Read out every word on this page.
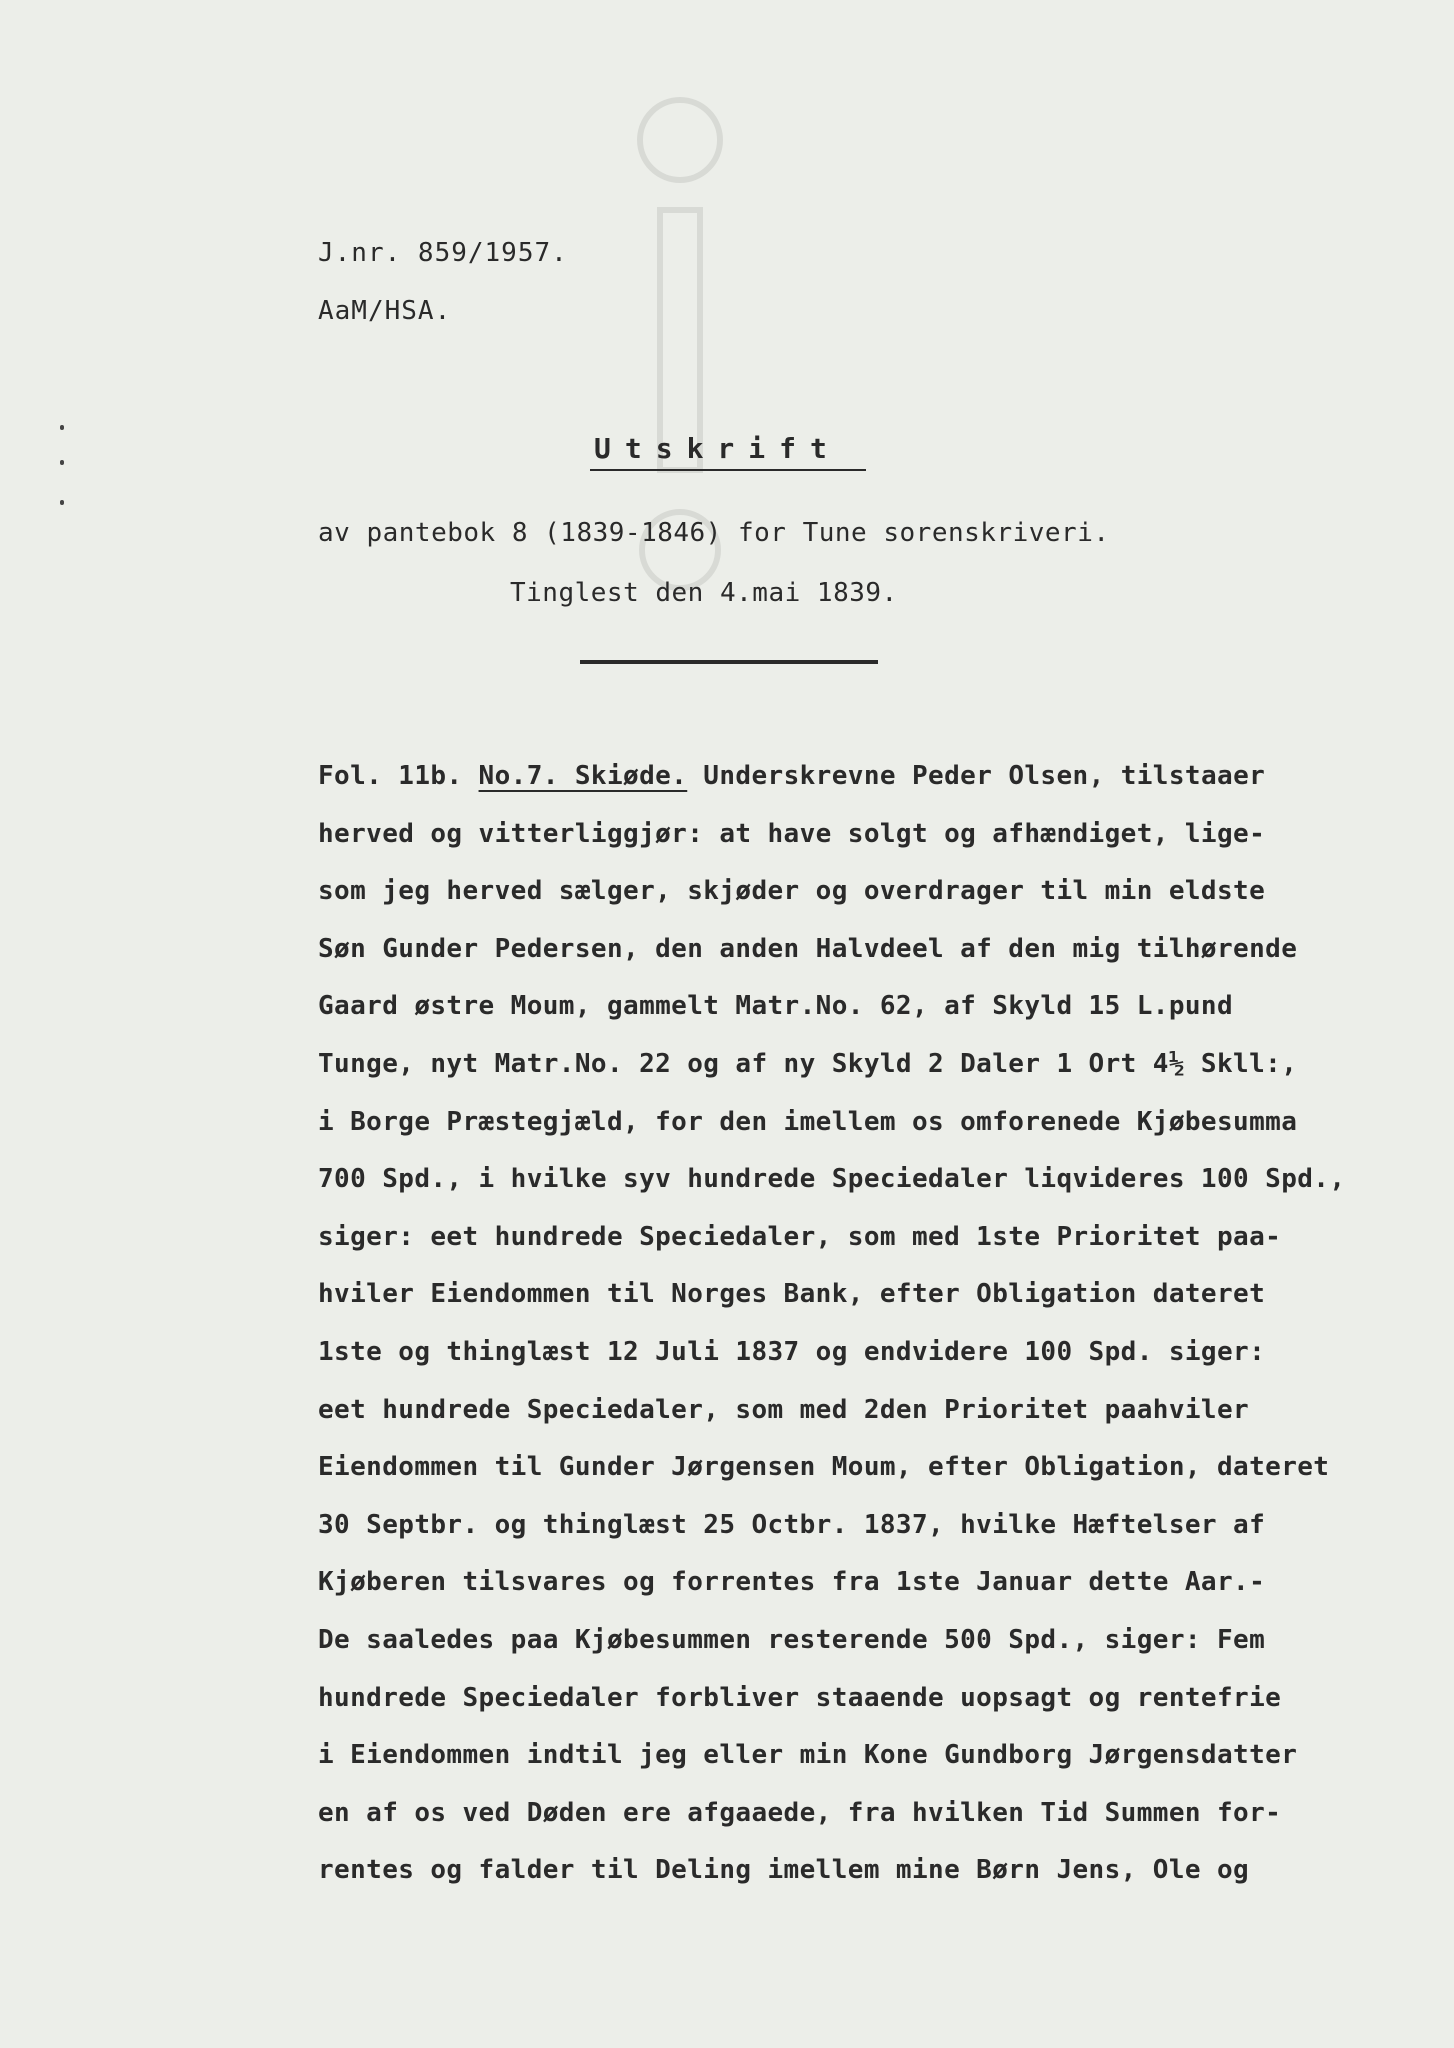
J.nr. 859/1957.
AaM/HSA.
Utskrift
av pantebok 8 (1839-1846) for Tune sorenskriveri.
Tinglest den 4.mai 1839.
Fol. 11b. No.7. Skiøde. Underskrevne Peder Olsen, tilstaaer
herved og vitterliggjør: at have solgt og afhændiget, lige-
som jeg herved sælger, skjøder og overdrager til min eldste
Søn Gunder Pedersen, den anden Halvdeel af den mig tilhørende
Gaard østre Moum, gammelt Matr.No. 62, af Skyld 15 L.pund
Tunge, nyt Matr.No. 22 og af ny Skyld 2 Daler 1 Ort 4½ Skll:,
i Borge Præstegjæld, for den imellem os omforenede Kjøbesumma
700 Spd., i hvilke syv hundrede Speciedaler liqvideres 100 Spd.,
siger: eet hundrede Speciedaler, som med 1ste Prioritet paa-
hviler Eiendommen til Norges Bank, efter Obligation dateret
1ste og thinglæst 12 Juli 1837 og endvidere 100 Spd. siger:
eet hundrede Speciedaler, som med 2den Prioritet paahviler
Eiendommen til Gunder Jørgensen Moum, efter Obligation, dateret
30 Septbr. og thinglæst 25 Octbr. 1837, hvilke Hæftelser af
Kjøberen tilsvares og forrentes fra 1ste Januar dette Aar.-
De saaledes paa Kjøbesummen resterende 500 Spd., siger: Fem
hundrede Speciedaler forbliver staaende uopsagt og rentefrie
i Eiendommen indtil jeg eller min Kone Gundborg Jørgensdatter
en af os ved Døden ere afgaaede, fra hvilken Tid Summen for-
rentes og falder til Deling imellem mine Børn Jens, Ole og
